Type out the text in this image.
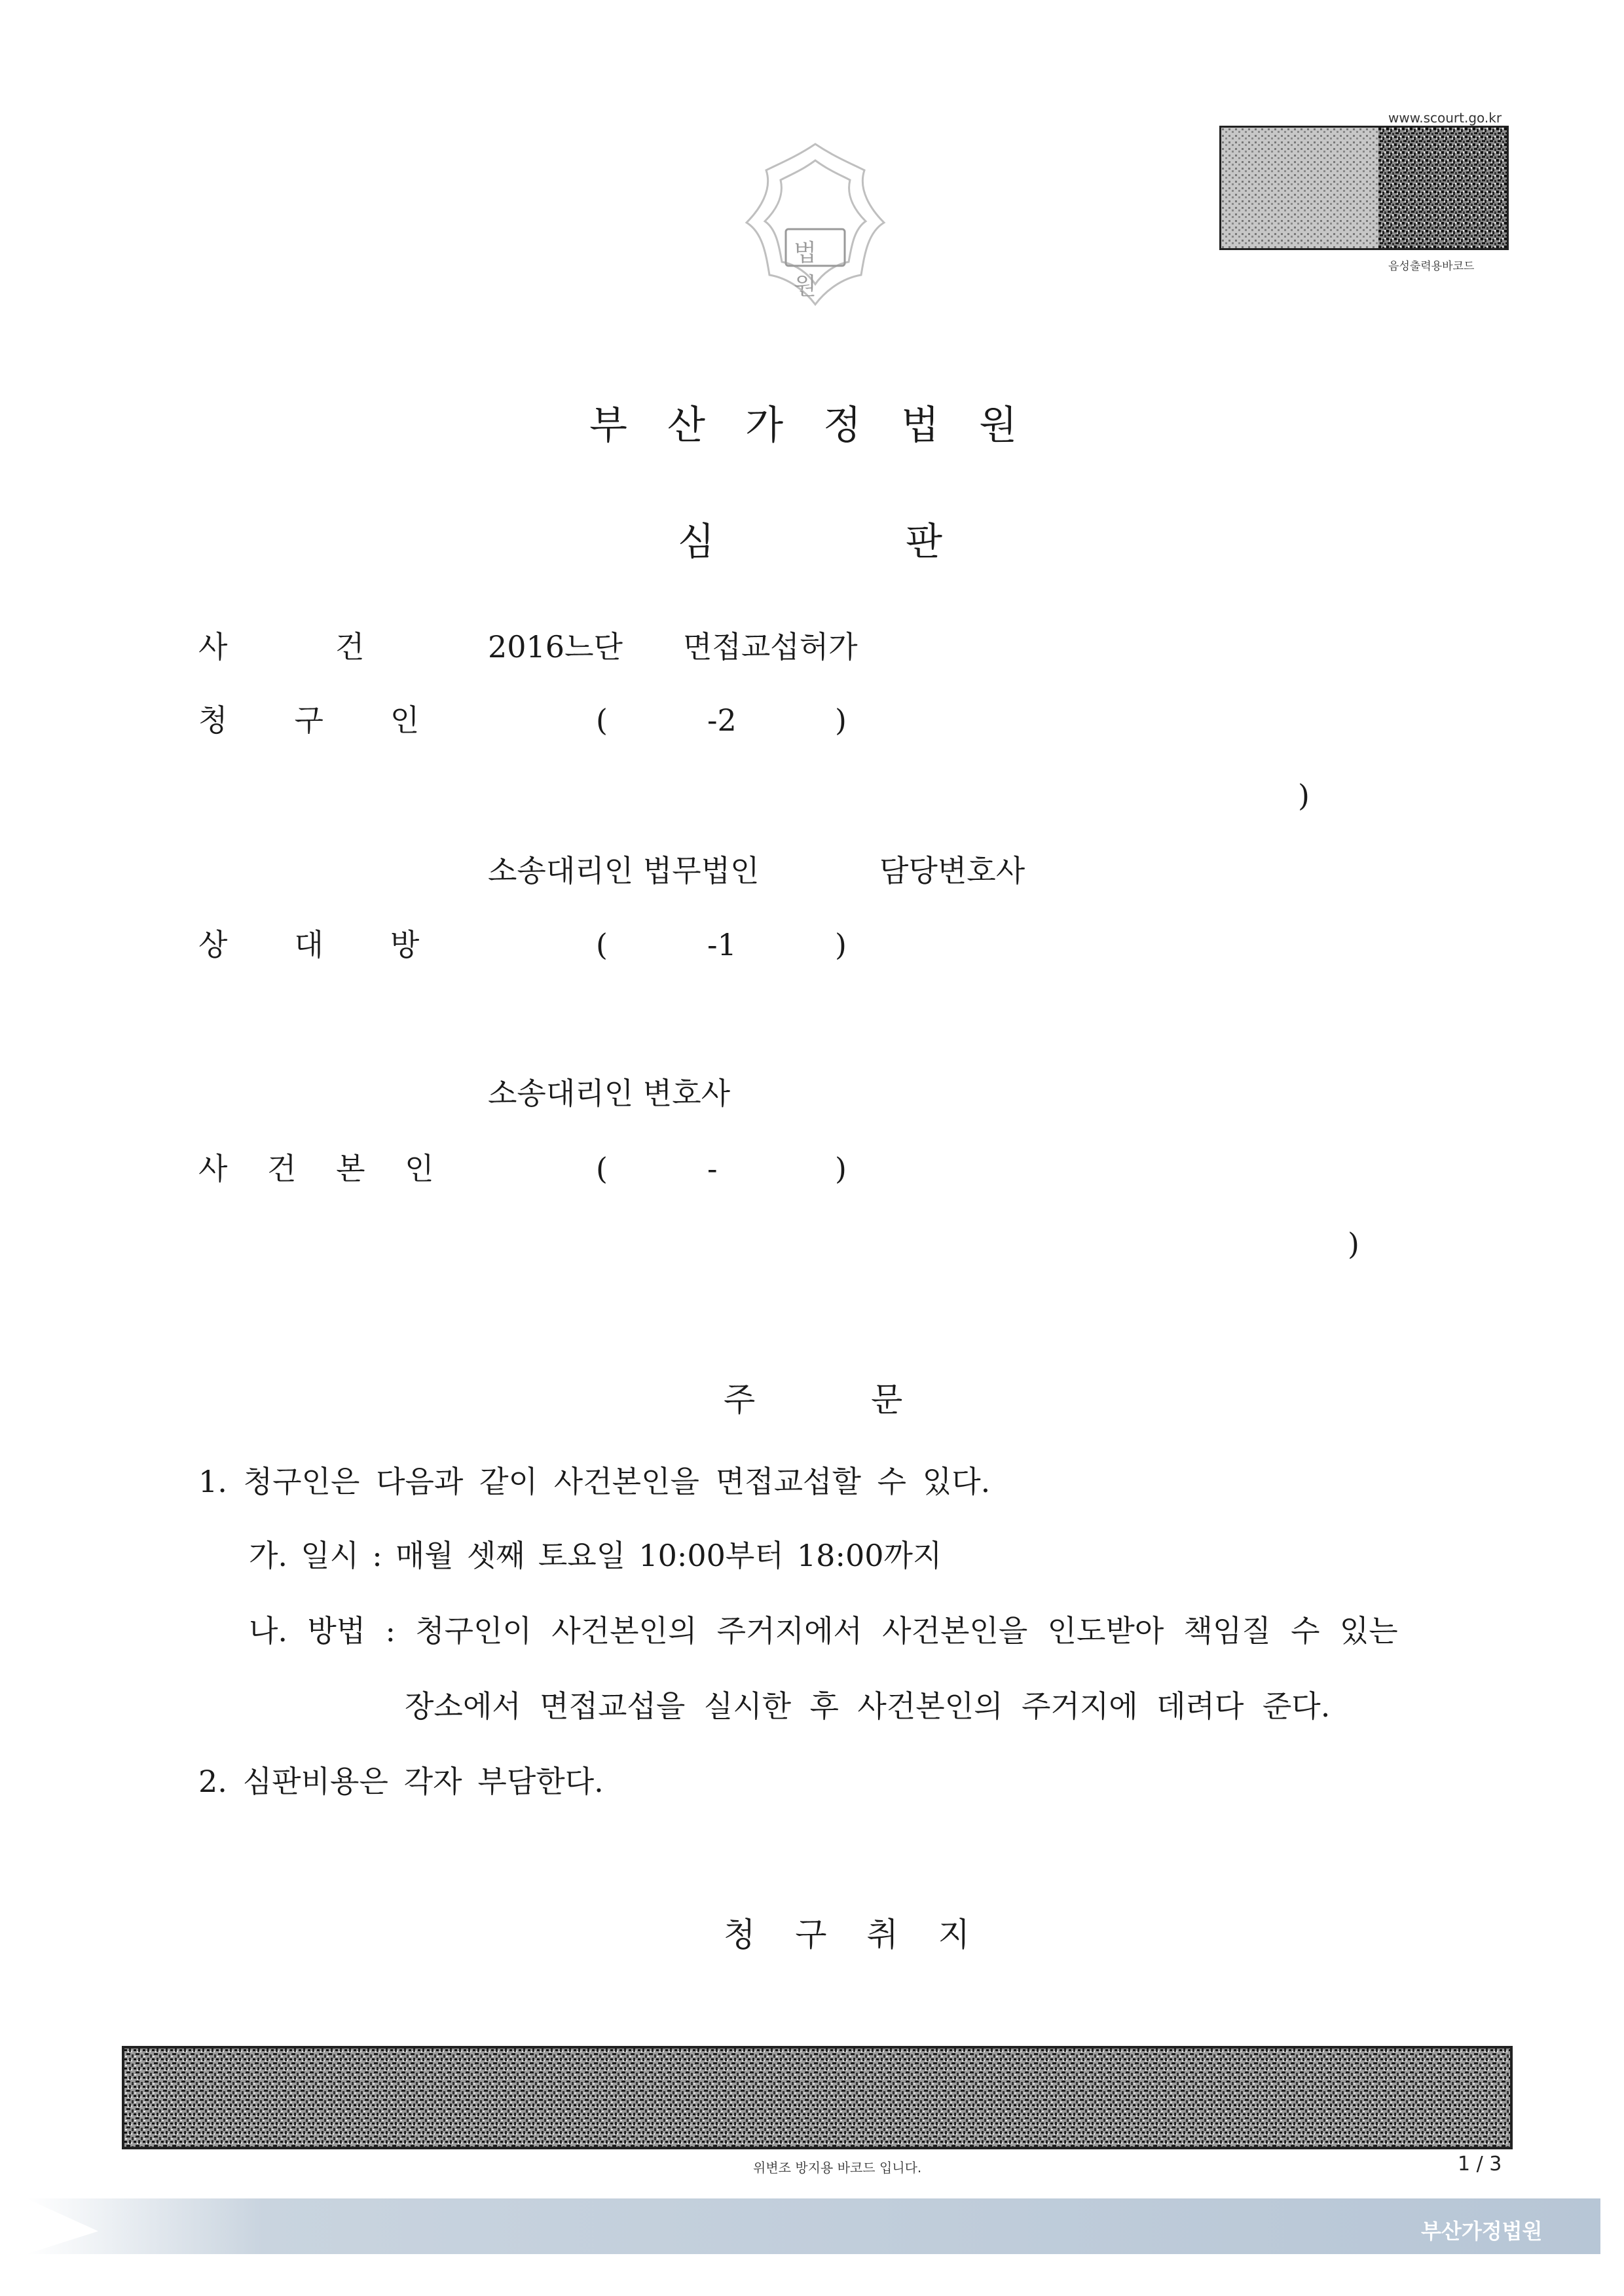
법원
www.scourt.go.kr
음성출력용바코드
부 산 가 정 법 원
심	판
사	건	2016느단 면접교섭허가
청 구 인	(	-2	)
)
소송대리인 법무법인	담당변호사
상 대 방	(	-1	)
소송대리인 변호사
사 건 본 인	(	-	)
)
주	문
1. 청구인은 다음과 같이 사건본인을 면접교섭할 수 있다.
가. 일시 : 매월 셋째 토요일 10:00부터 18:00까지
나. 방법 : 청구인이 사건본인의 주거지에서 사건본인을 인도받아 책임질 수 있는
장소에서 면접교섭을 실시한 후 사건본인의 주거지에 데려다 준다.
2. 심판비용은 각자 부담한다.
청 구 취 지
위변조 방지용 바코드 입니다.	1 / 3
부산가정법원
